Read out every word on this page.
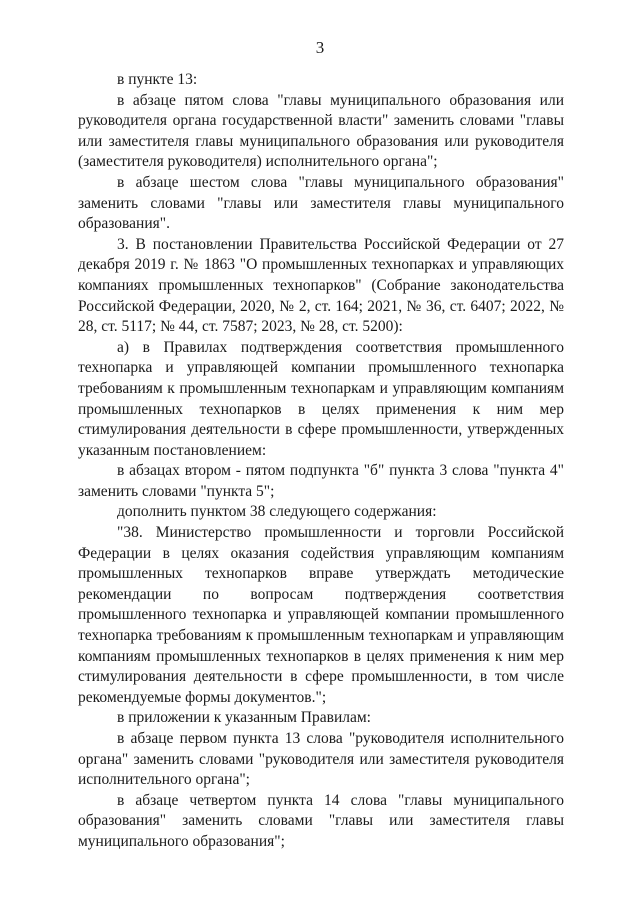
3

в пункте 13:

в абзаце пятом слова "главы муниципального образования или руководителя органа государственной власти" заменить словами "главы или заместителя главы муниципального образования или руководителя (заместителя руководителя) исполнительного органа";

в абзаце шестом слова "главы муниципального образования" заменить словами "главы или заместителя главы муниципального образования".

3. В постановлении Правительства Российской Федерации от 27 декабря 2019 г. № 1863 "О промышленных технопарках и управляющих компаниях промышленных технопарков" (Собрание законодательства Российской Федерации, 2020, № 2, ст. 164; 2021, № 36, ст. 6407; 2022, № 28, ст. 5117; № 44, ст. 7587; 2023, № 28, ст. 5200):

а) в Правилах подтверждения соответствия промышленного технопарка и управляющей компании промышленного технопарка требованиям к промышленным технопаркам и управляющим компаниям промышленных технопарков в целях применения к ним мер стимулирования деятельности в сфере промышленности, утвержденных указанным постановлением:

в абзацах втором - пятом подпункта "б" пункта 3 слова "пункта 4" заменить словами "пункта 5";

дополнить пунктом 38 следующего содержания:

"38. Министерство промышленности и торговли Российской Федерации в целях оказания содействия управляющим компаниям промышленных технопарков вправе утверждать методические рекомендации по вопросам подтверждения соответствия промышленного технопарка и управляющей компании промышленного технопарка требованиям к промышленным технопаркам и управляющим компаниям промышленных технопарков в целях применения к ним мер стимулирования деятельности в сфере промышленности, в том числе рекомендуемые формы документов.";

в приложении к указанным Правилам:

в абзаце первом пункта 13 слова "руководителя исполнительного органа" заменить словами "руководителя или заместителя руководителя исполнительного органа";

в абзаце четвертом пункта 14 слова "главы муниципального образования" заменить словами "главы или заместителя главы муниципального образования";
